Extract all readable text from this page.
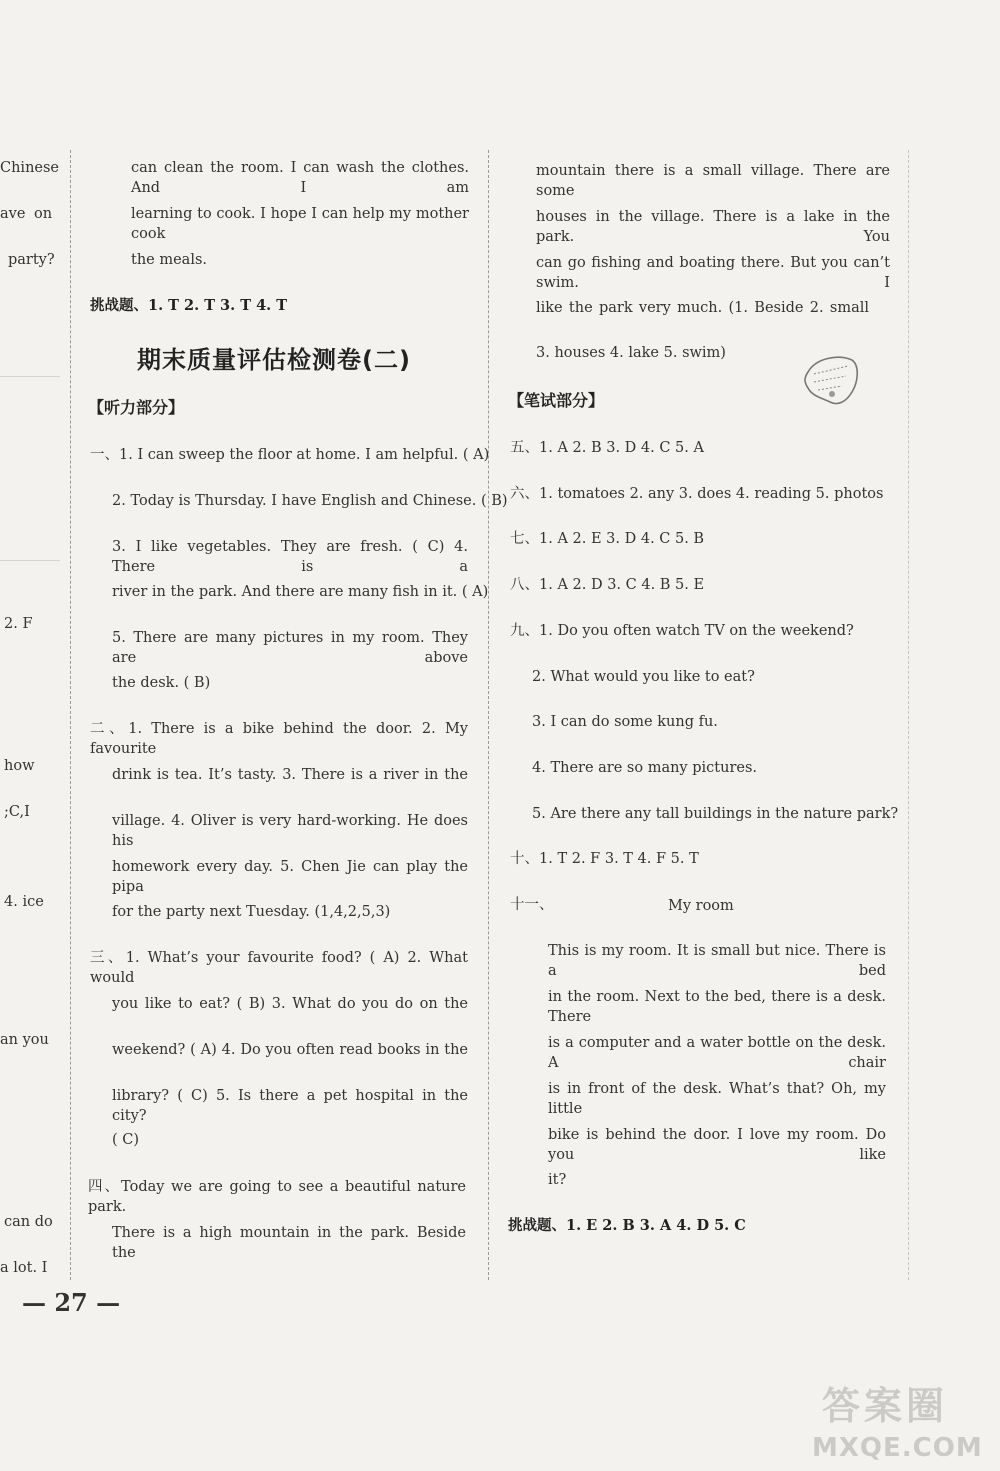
Chinese
ave on
party?
2. F
how
;C,I
4. ice
an you
can do
a lot. I
can clean the room. I can wash the clothes. And I am
learning to cook. I hope I can help my mother cook
the meals.
挑战题、1. T 2. T 3. T 4. T
期末质量评估检测卷(二)
【听力部分】
一、1. I can sweep the floor at home. I am helpful. ( A)
2. Today is Thursday. I have English and Chinese. ( B)
3. I like vegetables. They are fresh. ( C) 4. There is a
river in the park. And there are many fish in it. ( A)
5. There are many pictures in my room. They are above
the desk. ( B)
二、1. There is a bike behind the door. 2. My favourite
drink is tea. It’s tasty. 3. There is a river in the
village. 4. Oliver is very hard-working. He does his
homework every day. 5. Chen Jie can play the pipa
for the party next Tuesday. (1,4,2,5,3)
三、1. What’s your favourite food? ( A) 2. What would
you like to eat? ( B) 3. What do you do on the
weekend? ( A) 4. Do you often read books in the
library? ( C) 5. Is there a pet hospital in the city?
( C)
四、Today we are going to see a beautiful nature park.
There is a high mountain in the park. Beside the
— 27 —
mountain there is a small village. There are some
houses in the village. There is a lake in the park. You
can go fishing and boating there. But you can’t swim. I
like the park very much. (1. Beside 2. small
3. houses 4. lake 5. swim)
【笔试部分】
五、1. A 2. B 3. D 4. C 5. A
六、1. tomatoes 2. any 3. does 4. reading 5. photos
七、1. A 2. E 3. D 4. C 5. B
八、1. A 2. D 3. C 4. B 5. E
九、1. Do you often watch TV on the weekend?
2. What would you like to eat?
3. I can do some kung fu.
4. There are so many pictures.
5. Are there any tall buildings in the nature park?
十、1. T 2. F 3. T 4. F 5. T
十一、	My room
This is my room. It is small but nice. There is a bed
in the room. Next to the bed, there is a desk. There
is a computer and a water bottle on the desk. A chair
is in front of the desk. What’s that? Oh, my little
bike is behind the door. I love my room. Do you like
it?
挑战题、1. E 2. B 3. A 4. D 5. C
答案圈
MXQE.COM
